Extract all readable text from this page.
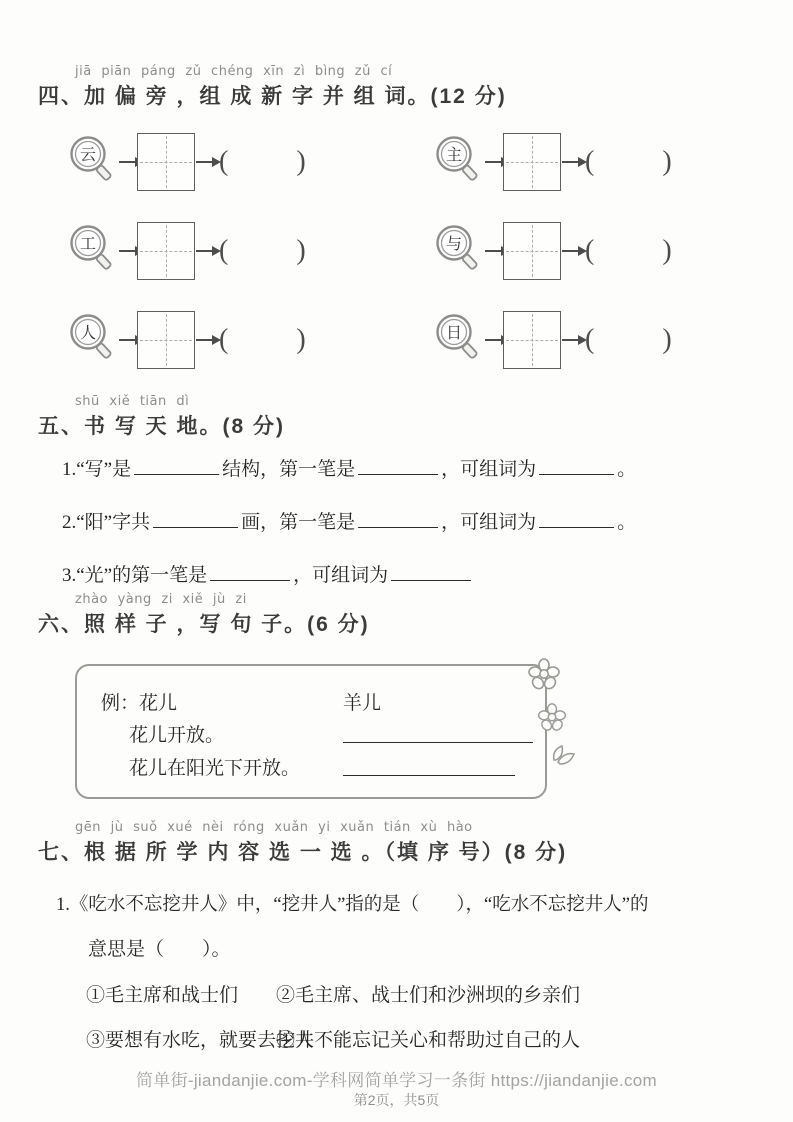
jiā piān páng zǔ chéng xīn zì bìng zǔ cí
四、加 偏 旁 ，组 成 新 字 并 组 词。(12 分)
云	( )	主	( )
工	( )	与	( )
人	( )	日	( )
shū xiě tiān dì
五、书 写 天 地。(8 分)
1.“写”是	结构，第一笔是	，可组词为	。
2.“阳”字共	画，第一笔是	，可组词为	。
3.“光”的第一笔是	，可组词为
zhào yàng zi xiě jù zi
六、照 样 子 ，写 句 子。(6 分)
例：花儿	羊儿
花儿开放。
花儿在阳光下开放。
gēn jù suǒ xué nèi róng xuǎn yi xuǎn tián xù hào
七、根 据 所 学 内 容 选 一 选 。（填 序 号）(8 分)
1.《吃水不忘挖井人》中，“挖井人”指的是（　　），“吃水不忘挖井人”的
意思是（　　）。
①毛主席和战士们 ②毛主席、战士们和沙洲坝的乡亲们
③要想有水吃，就要去挖井
④人不能忘记关心和帮助过自己的人
简单街-jiandanjie.com-学科网简单学习一条街 https://jiandanjie.com
第2页，共5页
